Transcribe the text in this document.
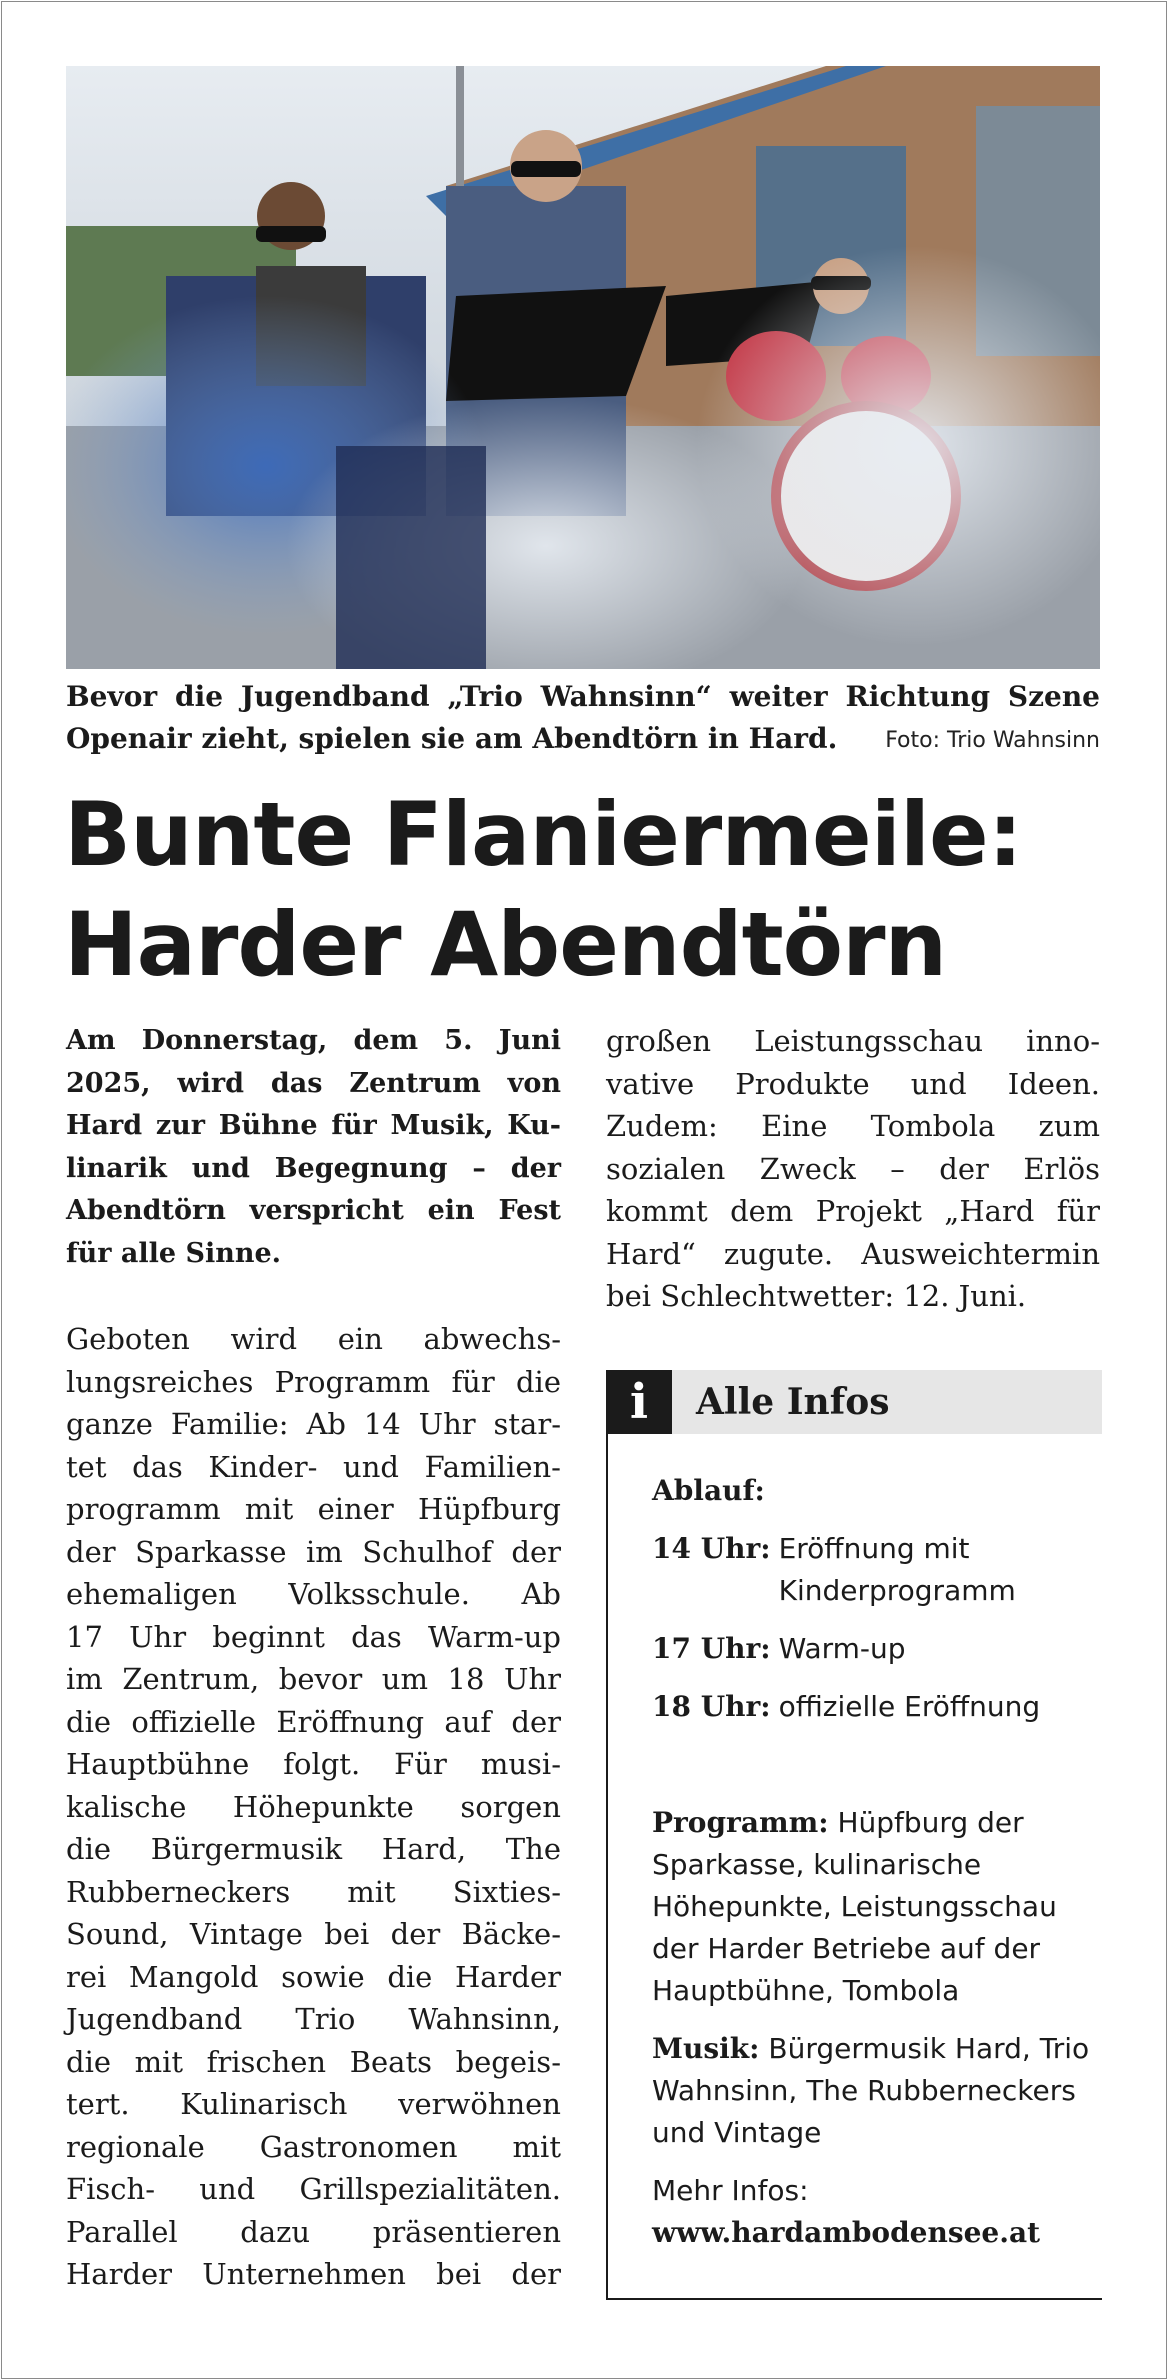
Bevor die Jugendband „Trio Wahnsinn“ weiter Richtung Szene
Openair zieht, spielen sie am Abendtörn in Hard. Foto: Trio Wahnsinn
Bunte Flaniermeile:
Harder Abendtörn
Am Donnerstag, dem 5. Juni
2025, wird das Zentrum von
Hard zur Bühne für Musik, Ku-
linarik und Begegnung – der
Abendtörn verspricht ein Fest
für alle Sinne.
Geboten wird ein abwechs-
lungsreiches Programm für die
ganze Familie: Ab 14 Uhr star-
tet das Kinder- und Familien-
programm mit einer Hüpfburg
der Sparkasse im Schulhof der
ehemaligen Volksschule. Ab
17 Uhr beginnt das Warm-up
im Zentrum, bevor um 18 Uhr
die offizielle Eröffnung auf der
Hauptbühne folgt. Für musi-
kalische Höhepunkte sorgen
die Bürgermusik Hard, The
Rubberneckers mit Sixties-
Sound, Vintage bei der Bäcke-
rei Mangold sowie die Harder
Jugendband Trio Wahnsinn,
die mit frischen Beats begeis-
tert. Kulinarisch verwöhnen
regionale Gastronomen mit
Fisch- und Grillspezialitäten.
Parallel dazu präsentieren
Harder Unternehmen bei der
großen Leistungsschau inno-
vative Produkte und Ideen.
Zudem: Eine Tombola zum
sozialen Zweck – der Erlös
kommt dem Projekt „Hard für
Hard“ zugute. Ausweichtermin
bei Schlechtwetter: 12. Juni.
i	Alle Infos
Ablauf:
14 Uhr: Eröffnung mit Kinderprogramm
17 Uhr: Warm-up
18 Uhr: offizielle Eröffnung

Programm: Hüpfburg der Sparkasse, kulinarische Höhepunkte, Leistungsschau der Harder Betriebe auf der Hauptbühne, Tombola

Musik: Bürgermusik Hard, Trio Wahnsinn, The Rubberneckers und Vintage

Mehr Infos:
www.hardambodensee.at
